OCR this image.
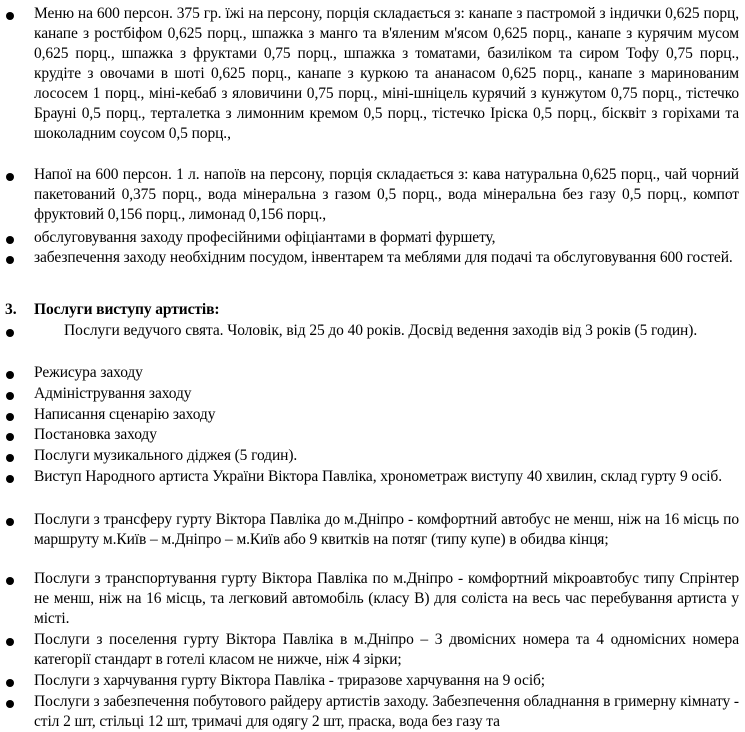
Меню на 600 персон. 375 гр. їжі на персону, порція складається з: канапе з пастромой з індички 0,625 порц, канапе з ростбіфом 0,625 порц., шпажка з манго та в'яленим м'ясом 0,625 порц., канапе з курячим мусом 0,625 порц., шпажка з фруктами 0,75 порц., шпажка з томатами, базиліком та сиром Тофу 0,75 порц., крудіте з овочами в шоті 0,625 порц., канапе з куркою та ананасом 0,625 порц., канапе з маринованим лососем 1 порц., міні-кебаб з яловичини 0,75 порц., міні-шніцель курячий з кунжутом 0,75 порц., тістечко Брауні 0,5 порц., терталетка з лимонним кремом 0,5 порц., тістечко Іріска 0,5 порц., бісквіт з горіхами та шоколадним соусом 0,5 порц.,
Напої на 600 персон. 1 л. напоїв на персону, порція складається з: кава натуральна 0,625 порц., чай чорний пакетований 0,375 порц., вода мінеральна з газом 0,5 порц., вода мінеральна без газу 0,5 порц., компот фруктовий 0,156 порц., лимонад 0,156 порц.,
обслуговування заходу професійними офіціантами в форматі фуршету,
забезпечення заходу необхідним посудом, інвентарем та меблями для подачі та обслуговування 600 гостей.
3. Послуги виступу артистів:
Послуги ведучого свята. Чоловік, від 25 до 40 років. Досвід ведення заходів від 3 років (5 годин).
Режисура заходу
Адміністрування заходу
Написання сценарію заходу
Постановка заходу
Послуги музикального діджея (5 годин).
Виступ Народного артиста України Віктора Павліка, хронометраж виступу 40 хвилин, склад гурту 9 осіб.
Послуги з трансферу гурту Віктора Павліка до м.Дніпро - комфортний автобус не менш, ніж на 16 місць по маршруту м.Київ – м.Дніпро – м.Київ або 9 квитків на потяг (типу купе) в обидва кінця;
Послуги з транспортування гурту Віктора Павліка по м.Дніпро - комфортний мікроавтобус типу Спрінтер не менш, ніж на 16 місць, та легковий автомобіль (класу В) для соліста на весь час перебування артиста у місті.
Послуги з поселення гурту Віктора Павліка в м.Дніпро – 3 двомісних номера та 4 одномісних номера категорії стандарт в готелі класом не нижче, ніж 4 зірки;
Послуги з харчування гурту Віктора Павліка - триразове харчування на 9 осіб;
Послуги з забезпечення побутового райдеру артистів заходу. Забезпечення обладнання в гримерну кімнату - стіл 2 шт, стільці 12 шт, тримачі для одягу 2 шт, праска, вода без газу та
